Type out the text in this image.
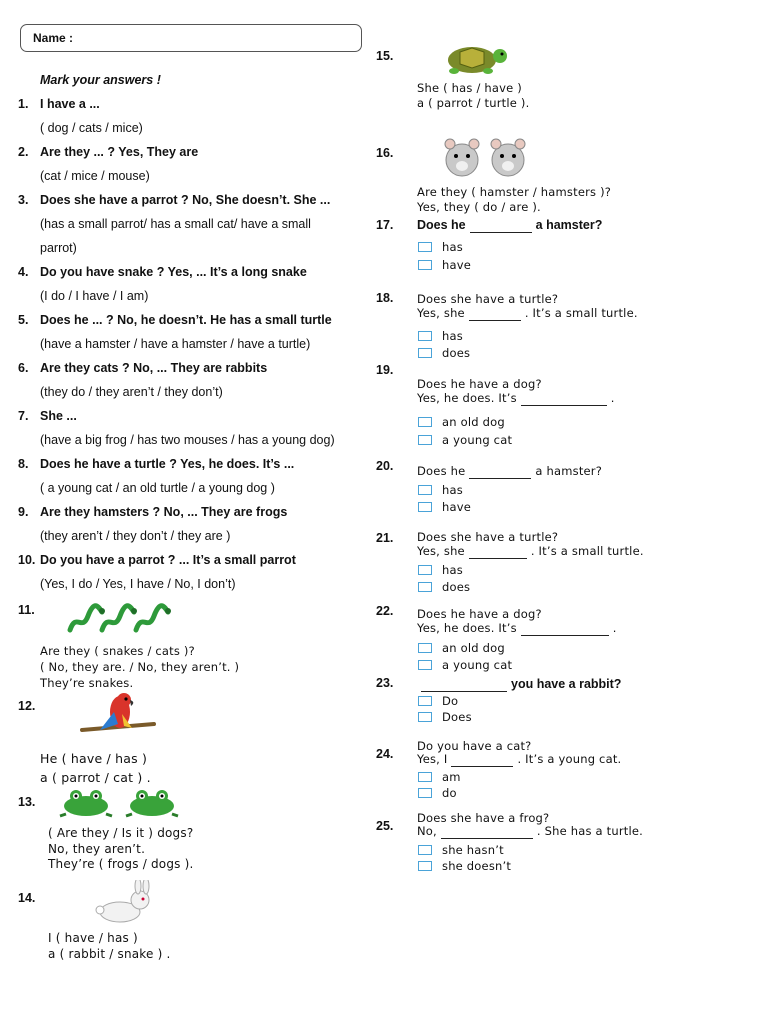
Name :
Mark your answers !
1. I have a ...
( dog / cats / mice)
2. Are they ... ? Yes, They are
(cat / mice / mouse)
3. Does she have a parrot ? No, She doesn’t. She ...
(has a small parrot/ has a small cat/ have a small
parrot)
4. Do you have snake ? Yes, ... It’s a long snake
(I do / I have / I am)
5. Does he ... ? No, he doesn’t. He has a small turtle
(have a hamster / have a hamster / have a turtle)
6. Are they cats ? No, ... They are rabbits
(they do / they aren’t / they don’t)
7. She ...
(have a big frog / has two mouses / has a young dog)
8. Does he have a turtle ? Yes, he does. It’s ...
( a young cat / an old turtle / a young dog )
9. Are they hamsters ? No, ... They are frogs
(they aren’t / they don’t / they are )
10. Do you have a parrot ? ... It’s a small parrot
(Yes, I do / Yes, I have / No, I don’t)
11.
Are they ( snakes / cats )?
( No, they are. / No, they aren’t. )
They’re snakes.
12.
He ( have / has )
a ( parrot / cat ) .
13.
( Are they / Is it ) dogs?
No, they aren’t.
They’re ( frogs / dogs ).
14.
I ( have / has )
a ( rabbit / snake ) .
15.
She ( has / have )
a ( parrot / turtle ).
16.
Are they ( hamster / hamsters )?
Yes, they ( do / are ).
17. Does he	a hamster?
has
have
18. Does she have a turtle?
Yes, she	. It’s a small turtle.
has
does
19.
Does he have a dog?
Yes, he does. It’s	.
an old dog
a young cat
20. Does he	a hamster?
has
have
21. Does she have a turtle?
Yes, she	. It’s a small turtle.
has
does
22. Does he have a dog?
Yes, he does. It’s	.
an old dog
a young cat
23.	you have a rabbit?
Do
Does
24.
Do you have a cat?
Yes, I	. It’s a young cat.
am
do
25.
Does she have a frog?
No,	. She has a turtle.
she hasn’t
she doesn’t
